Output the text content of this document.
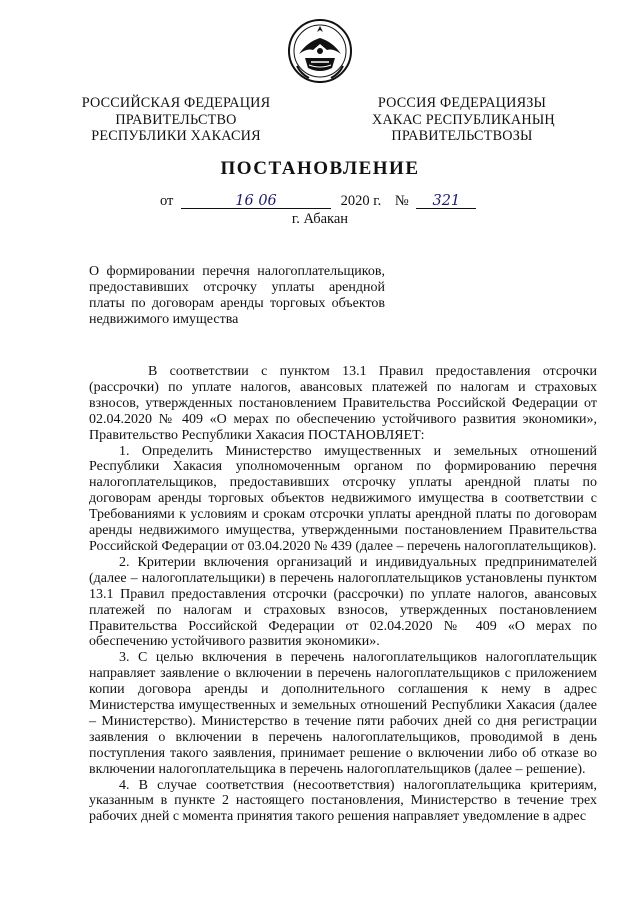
РОССИЙСКАЯ ФЕДЕРАЦИЯ
ПРАВИТЕЛЬСТВО
РЕСПУБЛИКИ ХАКАСИЯ
РОССИЯ ФЕДЕРАЦИЯЗЫ
ХАКАС РЕСПУБЛИКАНЫҢ
ПРАВИТЕЛЬСТВОЗЫ
ПОСТАНОВЛЕНИЕ
от	16 06	2020 г. № 321
г. Абакан
О формировании перечня налогоплательщиков,
предоставивших отсрочку уплаты арендной
платы по договорам аренды торговых объектов
недвижимого имущества

В соответствии с пунктом 13.1 Правил предоставления отсрочки (рассрочки) по уплате налогов, авансовых платежей по налогам и страховых взносов, утвержденных постановлением Правительства Российской Федерации от 02.04.2020 № 409 «О мерах по обеспечению устойчивого развития экономики», Правительство Республики Хакасия ПОСТАНОВЛЯЕТ:

1. Определить Министерство имущественных и земельных отношений Республики Хакасия уполномоченным органом по формированию перечня налогоплательщиков, предоставивших отсрочку уплаты арендной платы по договорам аренды торговых объектов недвижимого имущества в соответствии с Требованиями к условиям и срокам отсрочки уплаты арендной платы по договорам аренды недвижимого имущества, утвержденными постановлением Правительства Российской Федерации от 03.04.2020 № 439 (далее – перечень налогоплательщиков).

2. Критерии включения организаций и индивидуальных предпринимателей (далее – налогоплательщики) в перечень налогоплательщиков установлены пунктом 13.1 Правил предоставления отсрочки (рассрочки) по уплате налогов, авансовых платежей по налогам и страховых взносов, утвержденных постановлением Правительства Российской Федерации от 02.04.2020 № 409 «О мерах по обеспечению устойчивого развития экономики».

3. С целью включения в перечень налогоплательщиков налогоплательщик направляет заявление о включении в перечень налогоплательщиков с приложением копии договора аренды и дополнительного соглашения к нему в адрес Министерства имущественных и земельных отношений Республики Хакасия (далее – Министерство). Министерство в течение пяти рабочих дней со дня регистрации заявления о включении в перечень налогоплательщиков, проводимой в день поступления такого заявления, принимает решение о включении либо об отказе во включении налогоплательщика в перечень налогоплательщиков (далее – решение).

4. В случае соответствия (несоответствия) налогоплательщика критериям, указанным в пункте 2 настоящего постановления, Министерство в течение трех рабочих дней с момента принятия такого решения направляет уведомление в адрес
